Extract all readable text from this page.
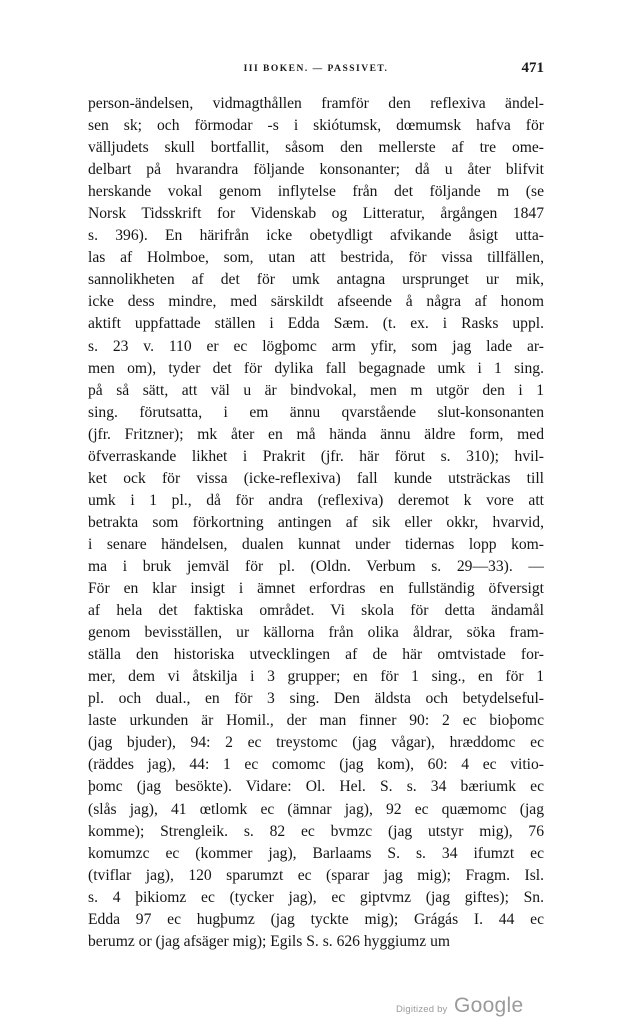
III BOKEN. — PASSIVET.	471
person-ändelsen, vidmagthållen framför den reflexiva ändel-
sen sk; och förmodar -s i skiótumsk, dœmumsk hafva för
välljudets skull bortfallit, såsom den mellerste af tre ome-
delbart på hvarandra följande konsonanter; då u åter blifvit
herskande vokal genom inflytelse från det följande m (se
Norsk Tidsskrift for Videnskab og Litteratur, årgången 1847
s. 396). En härifrån icke obetydligt afvikande åsigt utta-
las af Holmboe, som, utan att bestrida, för vissa tillfällen,
sannolikheten af det för umk antagna ursprunget ur mik,
icke dess mindre, med särskildt afseende å några af honom
aktift uppfattade ställen i Edda Sæm. (t. ex. i Rasks uppl.
s. 23 v. 110 er ec lögþomc arm yfir, som jag lade ar-
men om), tyder det för dylika fall begagnade umk i 1 sing.
på så sätt, att väl u är bindvokal, men m utgör den i 1
sing. förutsatta, i em ännu qvarstående slut-konsonanten
(jfr. Fritzner); mk åter en må hända ännu äldre form, med
öfverraskande likhet i Prakrit (jfr. här förut s. 310); hvil-
ket ock för vissa (icke-reflexiva) fall kunde utsträckas till
umk i 1 pl., då för andra (reflexiva) deremot k vore att
betrakta som förkortning antingen af sik eller okkr, hvarvid,
i senare händelsen, dualen kunnat under tidernas lopp kom-
ma i bruk jemväl för pl. (Oldn. Verbum s. 29—33). —
För en klar insigt i ämnet erfordras en fullständig öfversigt
af hela det faktiska området. Vi skola för detta ändamål
genom bevisställen, ur källorna från olika åldrar, söka fram-
ställa den historiska utvecklingen af de här omtvistade for-
mer, dem vi åtskilja i 3 grupper; en för 1 sing., en för 1
pl. och dual., en för 3 sing. Den äldsta och betydelseful-
laste urkunden är Homil., der man finner 90: 2 ec bioþomc
(jag bjuder), 94: 2 ec treystomc (jag vågar), hræddomc ec
(räddes jag), 44: 1 ec comomc (jag kom), 60: 4 ec vitio-
þomc (jag besökte). Vidare: Ol. Hel. S. s. 34 bæriumk ec
(slås jag), 41 œtlomk ec (ämnar jag), 92 ec quæmomc (jag
komme); Strengleik. s. 82 ec bvmzc (jag utstyr mig), 76
komumzc ec (kommer jag), Barlaams S. s. 34 ifumzt ec
(tviflar jag), 120 sparumzt ec (sparar jag mig); Fragm. Isl.
s. 4 þikiomz ec (tycker jag), ec giptvmz (jag giftes); Sn.
Edda 97 ec hugþumz (jag tyckte mig); Grágás I. 44 ec
berumz or (jag afsäger mig); Egils S. s. 626 hyggiumz um
Digitized by Google
